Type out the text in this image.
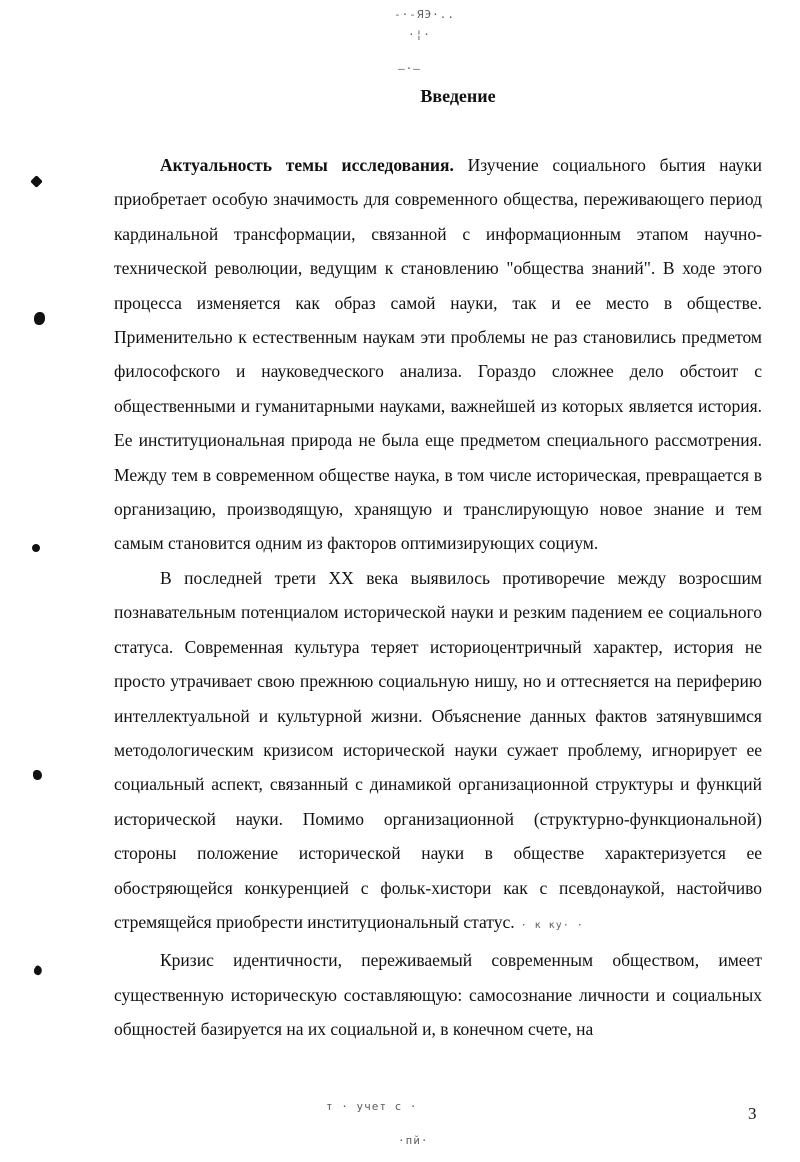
-·-ЯЭ·..
·¦·
—·—
Введение

Актуальность темы исследования. Изучение социального бытия науки приобретает особую значимость для современного общества, переживающего период кардинальной трансформации, связанной с информационным этапом научно-технической революции, ведущим к становлению "общества знаний". В ходе этого процесса изменяется как образ самой науки, так и ее место в обществе. Применительно к естественным наукам эти проблемы не раз становились предметом философского и науковедческого анализа. Гораздо сложнее дело обстоит с общественными и гуманитарными науками, важнейшей из которых является история. Ее институциональная природа не была еще предметом специального рассмотрения. Между тем в современном обществе наука, в том числе историческая, превращается в организацию, производящую, хранящую и транслирующую новое знание и тем самым становится одним из факторов оптимизирующих социум.

В последней трети XX века выявилось противоречие между возросшим познавательным потенциалом исторической науки и резким падением ее социального статуса. Современная культура теряет историоцентричный характер, история не просто утрачивает свою прежнюю социальную нишу, но и оттесняется на периферию интеллектуальной и культурной жизни. Объяснение данных фактов затянувшимся методологическим кризисом исторической науки сужает проблему, игнорирует ее социальный аспект, связанный с динамикой организационной структуры и функций исторической науки. Помимо организационной (структурно-функциональной) стороны положение исторической науки в обществе характеризуется ее обостряющейся конкуренцией с фольк-хистори как с псевдонаукой, настойчиво стремящейся приобрести институциональный статус. · к ку· ·

Кризис идентичности, переживаемый современным обществом, имеет существенную историческую составляющую: самосознание личности и социальных общностей базируется на их социальной и, в конечном счете, на

т · учет с ·
·пй·

3
